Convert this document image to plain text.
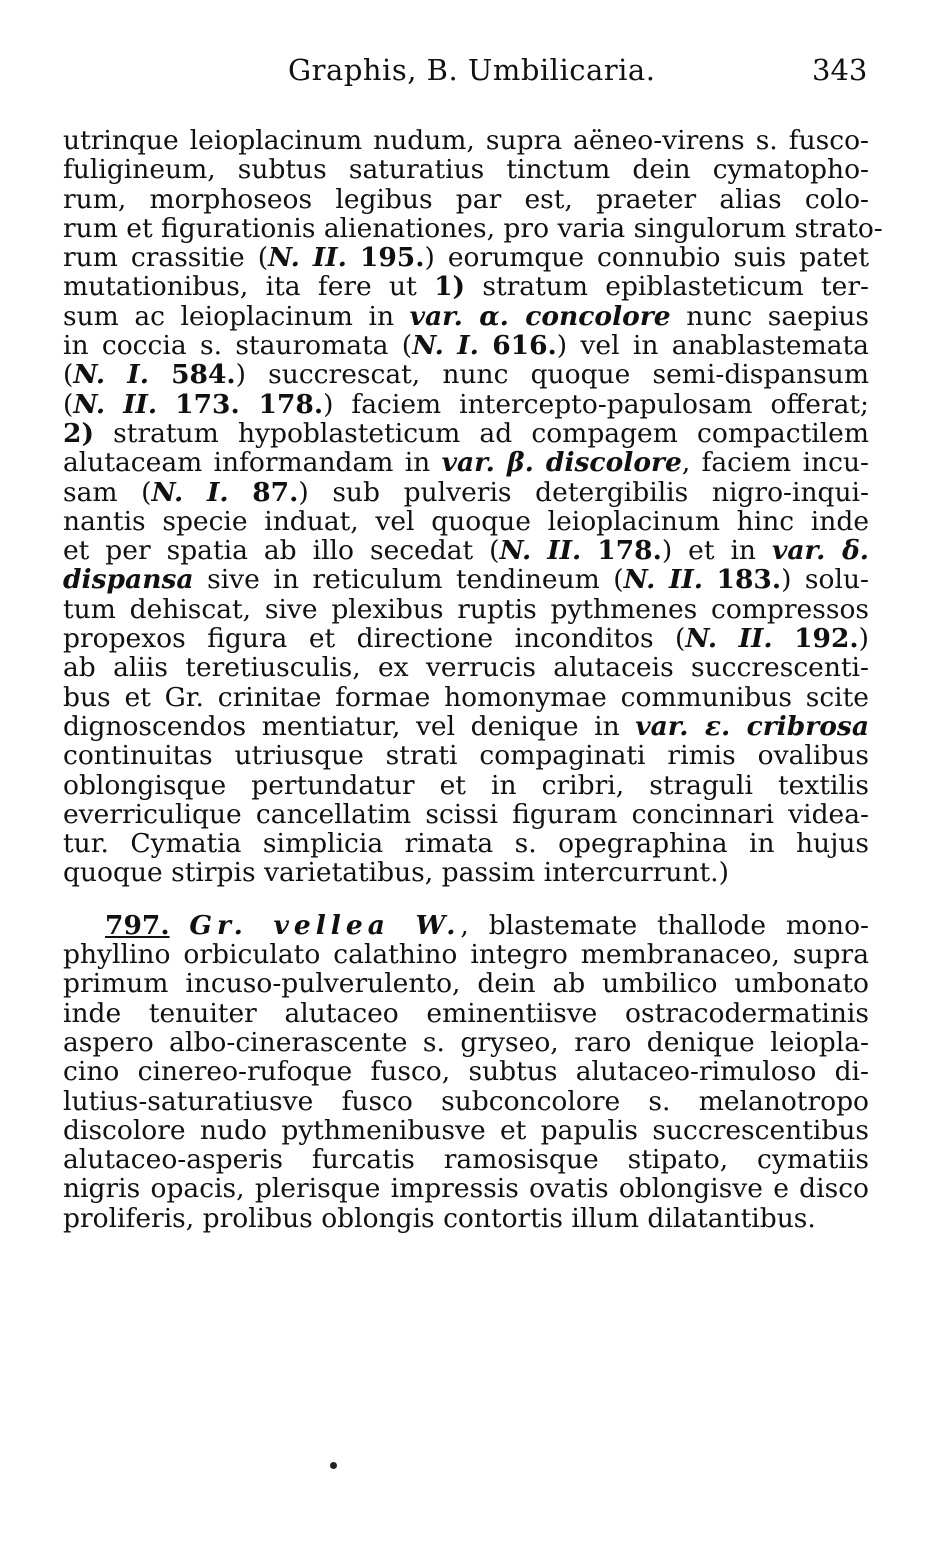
Graphis, B. Umbilicaria.	343
utrinque leioplacinum nudum, supra aëneo-virens s. fusco-
fuligineum, subtus saturatius tinctum dein cymatopho-
rum, morphoseos legibus par est, praeter alias colo-
rum et figurationis alienationes, pro varia singulorum strato-
rum crassitie (N. II. 195.) eorumque connubio suis patet
mutationibus, ita fere ut 1) stratum epiblasteticum ter-
sum ac leioplacinum in var. α. concolore nunc saepius
in coccia s. stauromata (N. I. 616.) vel in anablastemata
(N. I. 584.) succrescat, nunc quoque semi-dispansum
(N. II. 173. 178.) faciem intercepto-papulosam offerat;
2) stratum hypoblasteticum ad compagem compactilem
alutaceam informandam in var. β. discolore, faciem incu-
sam (N. I. 87.) sub pulveris detergibilis nigro-inqui-
nantis specie induat, vel quoque leioplacinum hinc inde
et per spatia ab illo secedat (N. II. 178.) et in var. δ.
dispansa sive in reticulum tendineum (N. II. 183.) solu-
tum dehiscat, sive plexibus ruptis pythmenes compressos
propexos figura et directione inconditos (N. II. 192.)
ab aliis teretiusculis, ex verrucis alutaceis succrescenti-
bus et Gr. crinitae formae homonymae communibus scite
dignoscendos mentiatur, vel denique in var. ε. cribrosa
continuitas utriusque strati compaginati rimis ovalibus
oblongisque pertundatur et in cribri, straguli textilis
everriculique cancellatim scissi figuram concinnari videa-
tur. Cymatia simplicia rimata s. opegraphina in hujus
quoque stirpis varietatibus, passim intercurrunt.)
797. Gr. vellea W., blastemate thallode mono-
phyllino orbiculato calathino integro membranaceo, supra
primum incuso-pulverulento, dein ab umbilico umbonato
inde tenuiter alutaceo eminentiisve ostracodermatinis
aspero albo-cinerascente s. gryseo, raro denique leiopla-
cino cinereo-rufoque fusco, subtus alutaceo-rimuloso di-
lutius-saturatiusve fusco subconcolore s. melanotropo
discolore nudo pythmenibusve et papulis succrescentibus
alutaceo-asperis furcatis ramosisque stipato, cymatiis
nigris opacis, plerisque impressis ovatis oblongisve e disco
proliferis, prolibus oblongis contortis illum dilatantibus.
